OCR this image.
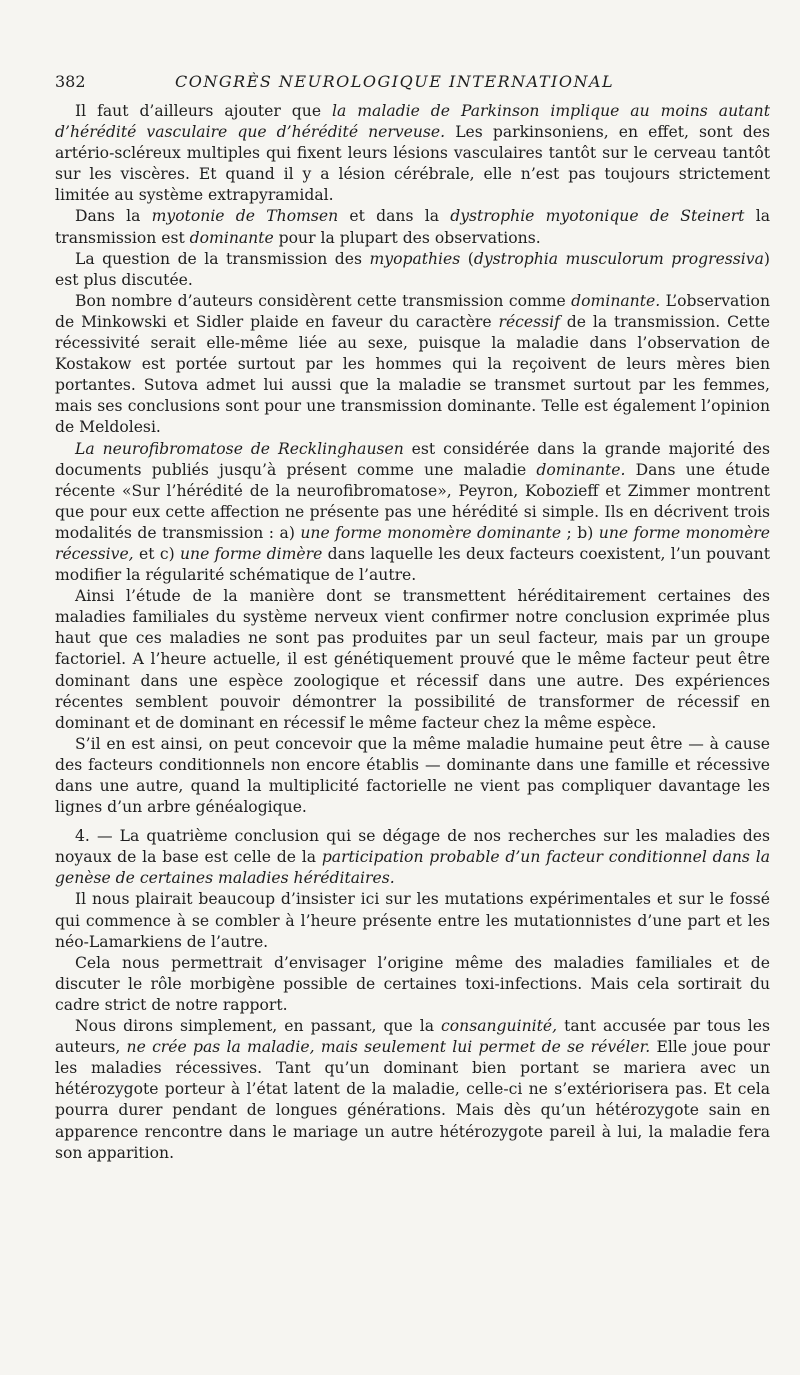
382	CONGRÈS NEUROLOGIQUE INTERNATIONAL

Il faut d’ailleurs ajouter que la maladie de Parkinson implique au moins autant d’hérédité vasculaire que d’hérédité nerveuse. Les parkinsoniens, en effet, sont des artério-scléreux multiples qui fixent leurs lésions vasculaires tantôt sur le cerveau tantôt sur les viscères. Et quand il y a lésion cérébrale, elle n’est pas toujours strictement limitée au système extrapyramidal.

Dans la myotonie de Thomsen et dans la dystrophie myotonique de Steinert la transmission est dominante pour la plupart des observations.

La question de la transmission des myopathies (dystrophia musculorum progressiva) est plus discutée.

Bon nombre d’auteurs considèrent cette transmission comme dominante. L’observation de Minkowski et Sidler plaide en faveur du caractère récessif de la transmission. Cette récessivité serait elle-même liée au sexe, puisque la maladie dans l’observation de Kostakow est portée surtout par les hommes qui la reçoivent de leurs mères bien portantes. Sutova admet lui aussi que la maladie se transmet surtout par les femmes, mais ses conclusions sont pour une transmission dominante. Telle est également l’opinion de Meldolesi.

La neurofibromatose de Recklinghausen est considérée dans la grande majorité des documents publiés jusqu’à présent comme une maladie dominante. Dans une étude récente «Sur l’hérédité de la neurofibromatose», Peyron, Kobozieff et Zimmer montrent que pour eux cette affection ne présente pas une hérédité si simple. Ils en décrivent trois modalités de transmission : a) une forme monomère dominante ; b) une forme monomère récessive, et c) une forme dimère dans laquelle les deux facteurs coexistent, l’un pouvant modifier la régularité schématique de l’autre.

Ainsi l’étude de la manière dont se transmettent héréditairement certaines des maladies familiales du système nerveux vient confirmer notre conclusion exprimée plus haut que ces maladies ne sont pas produites par un seul facteur, mais par un groupe factoriel. A l’heure actuelle, il est génétiquement prouvé que le même facteur peut être dominant dans une espèce zoologique et récessif dans une autre. Des expériences récentes semblent pouvoir démontrer la possibilité de transformer de récessif en dominant et de dominant en récessif le même facteur chez la même espèce.

S’il en est ainsi, on peut concevoir que la même maladie humaine peut être — à cause des facteurs conditionnels non encore établis — dominante dans une famille et récessive dans une autre, quand la multiplicité factorielle ne vient pas compliquer davantage les lignes d’un arbre généalogique.

4. — La quatrième conclusion qui se dégage de nos recherches sur les maladies des noyaux de la base est celle de la participation probable d’un facteur conditionnel dans la genèse de certaines maladies héréditaires.

Il nous plairait beaucoup d’insister ici sur les mutations expérimentales et sur le fossé qui commence à se combler à l’heure présente entre les mutationnistes d’une part et les néo-Lamarkiens de l’autre.

Cela nous permettrait d’envisager l’origine même des maladies familiales et de discuter le rôle morbigène possible de certaines toxi-infections. Mais cela sortirait du cadre strict de notre rapport.

Nous dirons simplement, en passant, que la consanguinité, tant accusée par tous les auteurs, ne crée pas la maladie, mais seulement lui permet de se révéler. Elle joue pour les maladies récessives. Tant qu’un dominant bien portant se mariera avec un hétérozygote porteur à l’état latent de la maladie, celle-ci ne s’extériorisera pas. Et cela pourra durer pendant de longues générations. Mais dès qu’un hétérozygote sain en apparence rencontre dans le mariage un autre hétérozygote pareil à lui, la maladie fera son apparition.
